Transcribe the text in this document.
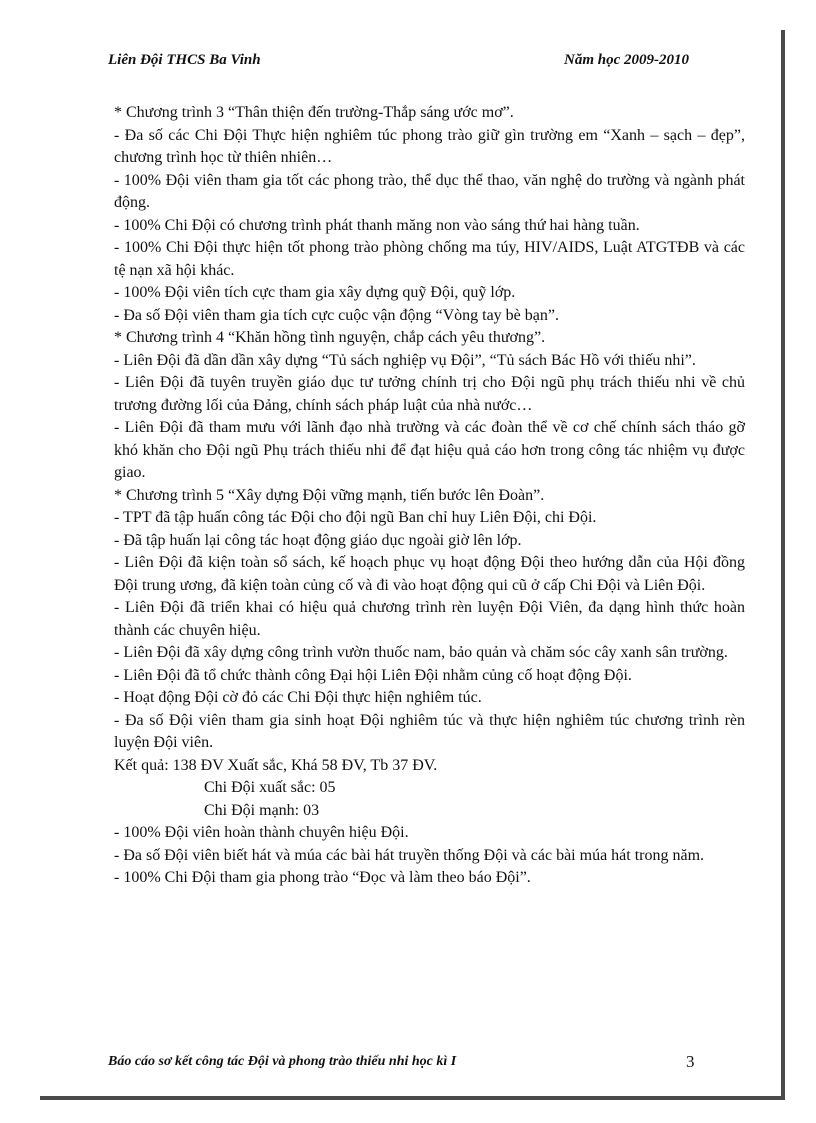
Liên Đội THCS Ba Vinh	Năm học 2009-2010

* Chương trình 3 “Thân thiện đến trường-Thắp sáng ước mơ”.

- Đa số các Chi Đội Thực hiện nghiêm túc phong trào giữ gìn trường em “Xanh – sạch – đẹp”, chương trình học từ thiên nhiên…

- 100% Đội viên tham gia tốt các phong trào, thể dục thể thao, văn nghệ do trường và ngành phát động.

- 100% Chi Đội có chương trình phát thanh măng non vào sáng thứ hai hàng tuần.

- 100% Chi Đội thực hiện tốt phong trào phòng chống ma túy, HIV/AIDS, Luật ATGTĐB và các tệ nạn xã hội khác.

- 100% Đội viên tích cực tham gia xây dựng quỹ Đội, quỹ lớp.

- Đa số Đội viên tham gia tích cực cuộc vận động “Vòng tay bè bạn”.

* Chương trình 4 “Khăn hồng tình nguyện, chắp cách yêu thương”.

- Liên Đội đã dần dần xây dựng “Tủ sách nghiệp vụ Đội”, “Tủ sách Bác Hồ với thiếu nhi”.

- Liên Đội đã tuyên truyền giáo dục tư tưởng chính trị cho Đội ngũ phụ trách thiếu nhi về chủ trương đường lối của Đảng, chính sách pháp luật của nhà nước…

- Liên Đội đã tham mưu với lãnh đạo nhà trường và các đoàn thể về cơ chế chính sách tháo gỡ khó khăn cho Đội ngũ Phụ trách thiếu nhi để đạt hiệu quả cáo hơn trong công tác nhiệm vụ được giao.

* Chương trình 5 “Xây dựng Đội vững mạnh, tiến bước lên Đoàn”.

- TPT đã tập huấn công tác Đội cho đội ngũ Ban chỉ huy Liên Đội, chi Đội.

- Đã tập huấn lại công tác hoạt động giáo dục ngoài giờ lên lớp.

- Liên Đội đã kiện toàn sổ sách, kế hoạch phục vụ hoạt động Đội theo hướng dẫn của Hội đồng Đội trung ương, đã kiện toàn củng cố và đi vào hoạt động qui cũ ở cấp Chi Đội và Liên Đội.

- Liên Đội đã triển khai có hiệu quả chương trình rèn luyện Đội Viên, đa dạng hình thức hoàn thành các chuyên hiệu.

- Liên Đội đã xây dựng công trình vườn thuốc nam, bảo quản và chăm sóc cây xanh sân trường.

- Liên Đội đã tổ chức thành công Đại hội Liên Đội nhằm củng cố hoạt động Đội.

- Hoạt động Đội cờ đỏ các Chi Đội thực hiện nghiêm túc.

- Đa số Đội viên tham gia sinh hoạt Đội nghiêm túc và thực hiện nghiêm túc chương trình rèn luyện Đội viên.

Kết quả: 138 ĐV Xuất sắc, Khá 58 ĐV, Tb 37 ĐV.

Chi Đội xuất sắc: 05

Chi Đội mạnh: 03

- 100% Đội viên hoàn thành chuyên hiệu Đội.

- Đa số Đội viên biết hát và múa các bài hát truyền thống Đội và các bài múa hát trong năm.

- 100% Chi Đội tham gia phong trào “Đọc và làm theo báo Đội”.

Báo cáo sơ kết công tác Đội và phong trào thiếu nhi học kì I	3
